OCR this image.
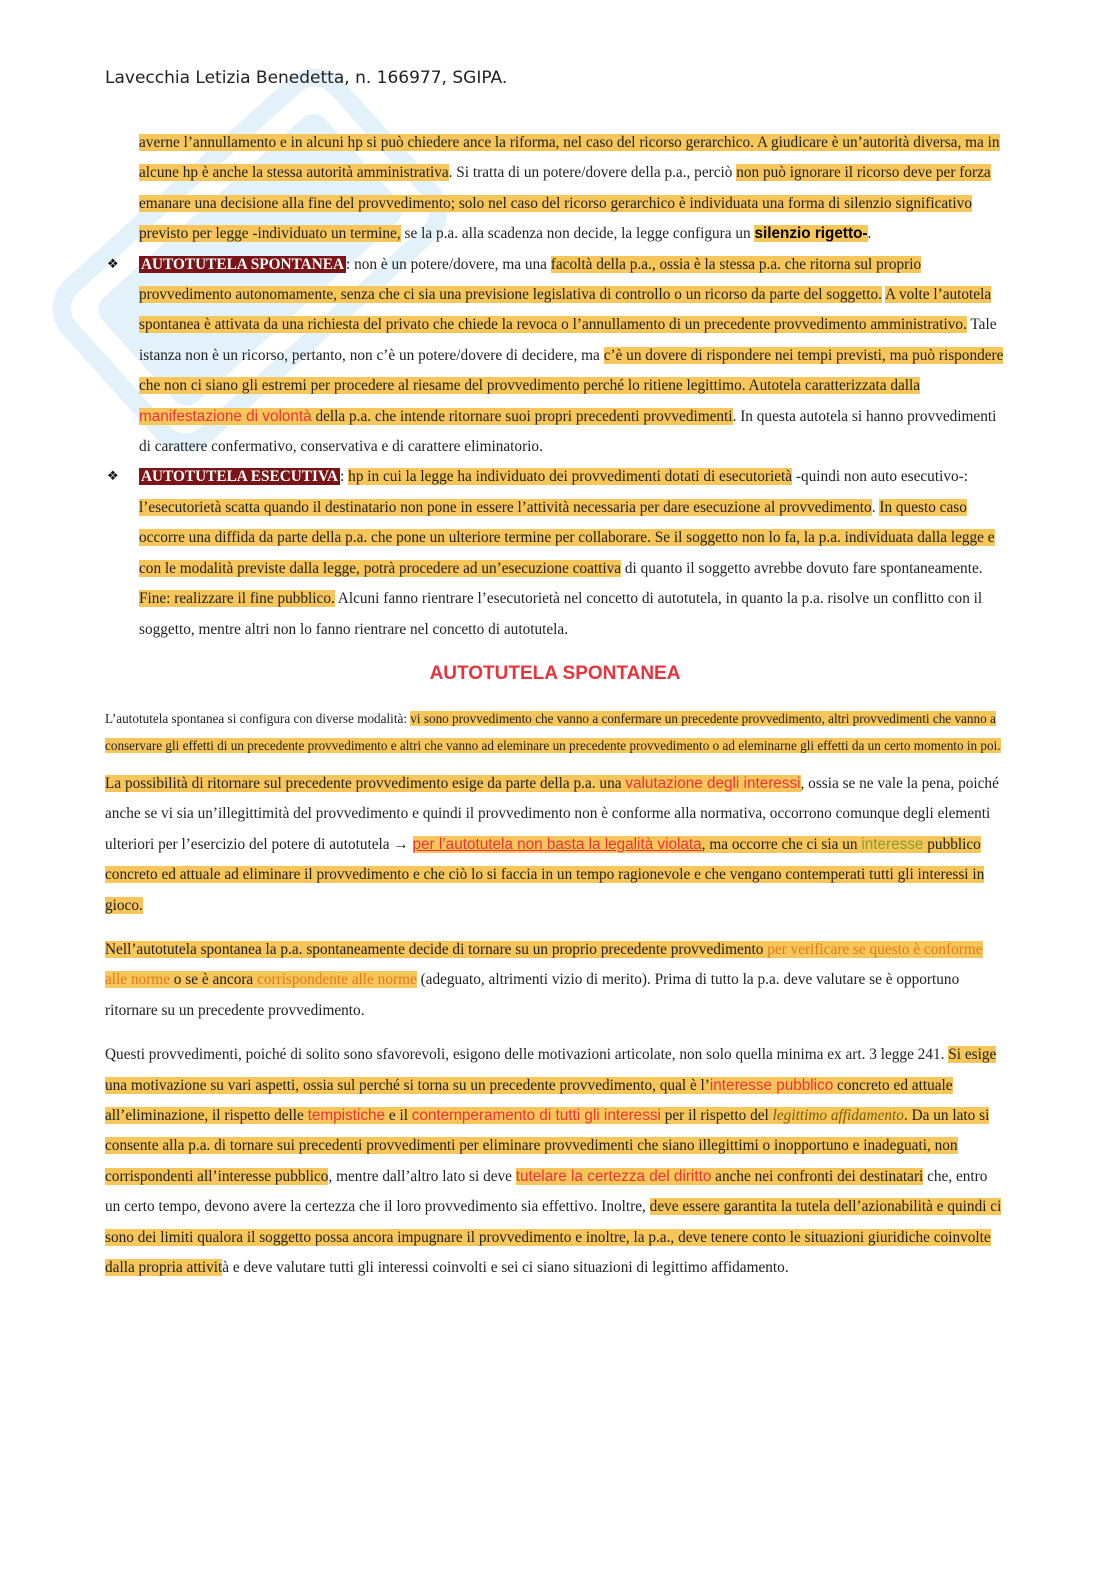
Lavecchia Letizia Benedetta, n. 166977, SGIPA.
averne l’annullamento e in alcuni hp si può chiedere ance la riforma, nel caso del ricorso gerarchico. A giudicare è un’autorità diversa, ma in alcune hp è anche la stessa autorità amministrativa. Si tratta di un potere/dovere della p.a., perciò non può ignorare il ricorso deve per forza emanare una decisione alla fine del provvedimento; solo nel caso del ricorso gerarchico è individuata una forma di silenzio significativo previsto per legge -individuato un termine, se la p.a. alla scadenza non decide, la legge configura un silenzio rigetto-.
❖ AUTOTUTELA SPONTANEA : non è un potere/dovere, ma una facoltà della p.a., ossia è la stessa p.a. che ritorna sul proprio provvedimento autonomamente, senza che ci sia una previsione legislativa di controllo o un ricorso da parte del soggetto. A volte l’autotela spontanea è attivata da una richiesta del privato che chiede la revoca o l’annullamento di un precedente provvedimento amministrativo. Tale istanza non è un ricorso, pertanto, non c’è un potere/dovere di decidere, ma c’è un dovere di rispondere nei tempi previsti, ma può rispondere che non ci siano gli estremi per procedere al riesame del provvedimento perché lo ritiene legittimo. Autotela caratterizzata dalla manifestazione di volontà della p.a. che intende ritornare suoi propri precedenti provvedimenti. In questa autotela si hanno provvedimenti di carattere confermativo, conservativa e di carattere eliminatorio.
❖ AUTOTUTELA ESECUTIVA : hp in cui la legge ha individuato dei provvedimenti dotati di esecutorietà -quindi non auto esecutivo-: l’esecutorietà scatta quando il destinatario non pone in essere l’attività necessaria per dare esecuzione al provvedimento. In questo caso occorre una diffida da parte della p.a. che pone un ulteriore termine per collaborare. Se il soggetto non lo fa, la p.a. individuata dalla legge e con le modalità previste dalla legge, potrà procedere ad un’esecuzione coattiva di quanto il soggetto avrebbe dovuto fare spontaneamente. Fine: realizzare il fine pubblico. Alcuni fanno rientrare l’esecutorietà nel concetto di autotutela, in quanto la p.a. risolve un conflitto con il soggetto, mentre altri non lo fanno rientrare nel concetto di autotutela.
AUTOTUTELA SPONTANEA
L’autotutela spontanea si configura con diverse modalità: vi sono provvedimento che vanno a confermare un precedente provvedimento, altri provvedimenti che vanno a conservare gli effetti di un precedente provvedimento e altri che vanno ad eleminare un precedente provvedimento o ad eleminarne gli effetti da un certo momento in poi.
La possibilità di ritornare sul precedente provvedimento esige da parte della p.a. una valutazione degli interessi, ossia se ne vale la pena, poiché anche se vi sia un’illegittimità del provvedimento e quindi il provvedimento non è conforme alla normativa, occorrono comunque degli elementi ulteriori per l’esercizio del potere di autotutela → per l’autotutela non basta la legalità violata, ma occorre che ci sia un interesse pubblico concreto ed attuale ad eliminare il provvedimento e che ciò lo si faccia in un tempo ragionevole e che vengano contemperati tutti gli interessi in gioco.
Nell’autotutela spontanea la p.a. spontaneamente decide di tornare su un proprio precedente provvedimento per verificare se questo è conforme alle norme o se è ancora corrispondente alle norme (adeguato, altrimenti vizio di merito). Prima di tutto la p.a. deve valutare se è opportuno ritornare su un precedente provvedimento.
Questi provvedimenti, poiché di solito sono sfavorevoli, esigono delle motivazioni articolate, non solo quella minima ex art. 3 legge 241. Si esige una motivazione su vari aspetti, ossia sul perché si torna su un precedente provvedimento, qual è l’interesse pubblico concreto ed attuale all’eliminazione, il rispetto delle tempistiche e il contemperamento di tutti gli interessi per il rispetto del legittimo affidamento. Da un lato si consente alla p.a. di tornare sui precedenti provvedimenti per eliminare provvedimenti che siano illegittimi o inopportuno e inadeguati, non corrispondenti all’interesse pubblico, mentre dall’altro lato si deve tutelare la certezza del diritto anche nei confronti dei destinatari che, entro un certo tempo, devono avere la certezza che il loro provvedimento sia effettivo. Inoltre, deve essere garantita la tutela dell’azionabilità e quindi ci sono dei limiti qualora il soggetto possa ancora impugnare il provvedimento e inoltre, la p.a., deve tenere conto le situazioni giuridiche coinvolte dalla propria attività e deve valutare tutti gli interessi coinvolti e sei ci siano situazioni di legittimo affidamento.
